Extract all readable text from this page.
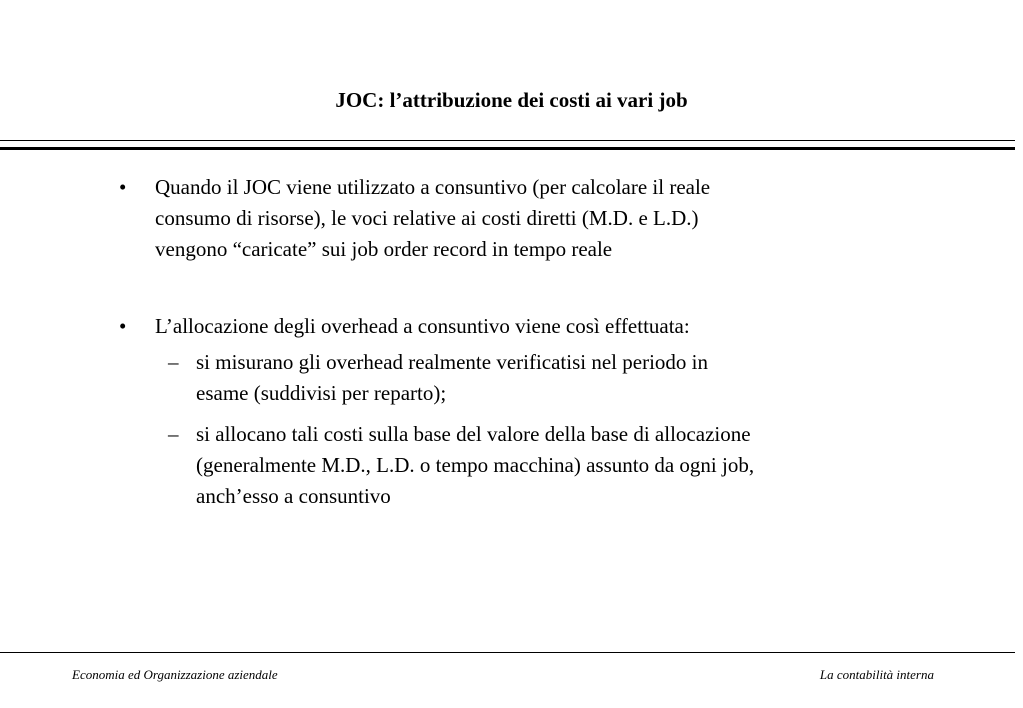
JOC: l’attribuzione dei costi ai vari job
• Quando il JOC viene utilizzato a consuntivo (per calcolare il reale
consumo di risorse), le voci relative ai costi diretti (M.D. e L.D.)
vengono “caricate” sui job order record in tempo reale
• L’allocazione degli overhead a consuntivo viene così effettuata:
– si misurano gli overhead realmente verificatisi nel periodo in
esame (suddivisi per reparto);
– si allocano tali costi sulla base del valore della base di allocazione
(generalmente M.D., L.D. o tempo macchina) assunto da ogni job,
anch’esso a consuntivo
Economia ed Organizzazione aziendale	La contabilità interna
